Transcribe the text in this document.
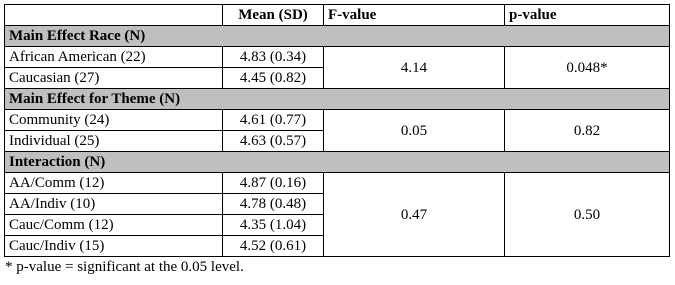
	Mean (SD)	F-value	p-value
Main Effect Race (N)			
African American (22)	4.83 (0.34)	4.14	0.048*
Caucasian (27)	4.45 (0.82)		
Main Effect for Theme (N)			
Community (24)	4.61 (0.77)	0.05	0.82
Individual (25)	4.63 (0.57)		
Interaction (N)			
AA/Comm (12)	4.87 (0.16)	0.47	0.50
AA/Indiv (10)	4.78 (0.48)		
Cauc/Comm (12)	4.35 (1.04)		
Cauc/Indiv (15)	4.52 (0.61)		
* p-value = significant at the 0.05 level.
